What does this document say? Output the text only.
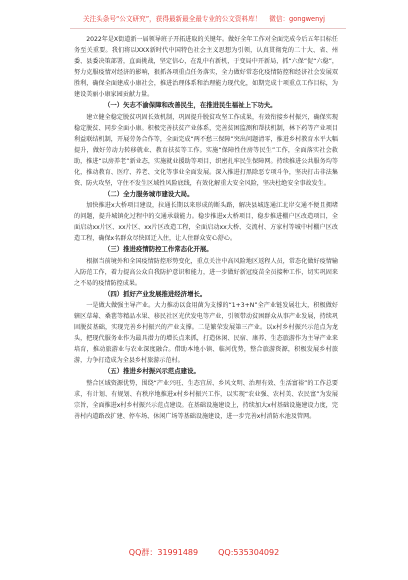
关注头条号“公文研究”，获得最新最全最专业的公文资料库！ 微信：gongwenyj

2022年是X街道新一届领导班子开拓进取的关键年。做好全年工作对全面完成今后五年目标任务至关重要。我们将以XXX新时代中国特色社会主义思想为引领，认真贯彻党的二十大、省、州委、县委决策部署，直面挑战，坚定信心，在乱中有新机，于变局中开新局，抓“六保”促“六稳”，努力克服疫情对经济的影响，狠抓各项重点任务落实，全力做好常态化疫情防控和经济社会发展双胜利，确保全面建成小康社会，推进治理体系和治理能力现代化，如期完成十项重点工作目标，为建设美丽小康家园贡献力量。

（一）矢志不渝保障和改善民生，在推进民生福祉上下功夫。

建立健全稳定脱贫巩固长效机制，巩固提升脱贫攻坚工作成果，有效衔接乡村振兴，确保实现稳定脱贫、同步全面小康。积极完善扶贫产业体系，完善贫困监测和帮扶机制，林下药等产业项目利益联结机制，开展劳务合作等，全面完成“两不愁三保障”突出问题清零，推进乡村教育水平大幅提升，做好劳动力转移就业、教育扶贫等工作。实施“保障性住房等民生”工作，全面落实社会救助，推进“以房养老”新业态，实施就业援助等项目，织密扎牢民生保障网。持续推进公共服务均等化，推动教育、医疗、养老、文化等事业全面发展。深入推进打黑除恶专项斗争，坚决打击非法集资、防火攻坚，守住不发生区域性风险底线，有效化解重大安全风险，坚决杜绝安全事故发生。

（二）全力服务城市建设大局。

加快推进x大桥项目建设，拉通长期以来形成的断头路，解决县城连通江北岸交通不便且拥堵的问题，提升城镇化过程中的交通承载能力。稳步推进x大桥项目，稳步推进棚户区改造项目，全面启动xx片区、xx片区、xx片区改造工程，全面启动xx大桥、交流村、方家村等城中村棚户区改造工程，确保x名群众尽快回迁入住，让人住群众安心舒心。

（三）推进疫情防控工作常态化开展。

根据当前境外和全国疫情防控形势变化，重点关注中高风险地区返程人员，常态化做好疫情输入防范工作，着力提高公众自我防护意识和能力，进一步做好新冠疫苗全员接种工作，切实巩固来之不易的疫情防控成果。

（四）抓好产业发展推进经济增长。

一是做大做强主导产业。大力推动以食用菌为支撑的“1+3+N”全产业链发展壮大，积极做好辖区草莓、桑葚等精品水果、移民社区光伏发电等产业，引领带动贫困群众从事产业发展，持续巩固脱贫基础，实现完善乡村振兴的产业支撑。二是繁荣发展第三产业。以x村乡村振兴示范点为龙头，把现代服务业作为最具潜力的增长点来抓，打造休闲、民宿、康养、生态旅游作为主导产业来培育，推动旅游业与农业深度融合。借助本地小镇、临河优势，整合旅游资源，积极发展乡村旅游，力争打造成为全县乡村旅游示范村。

（五）推进乡村振兴示范点建设。

整合区域资源优势，围绕“产业兴旺、生态宜居、乡风文明、治理有效、生活富裕”的工作总要求，有计划、有规划、有秩序地推进x村乡村振兴工作，以实现“农业强、农村美、农民富”为发展宗旨，全面推进x村乡村振兴示范点建设。在基础设施建设上，持续加大x村基础设施建设力度，完善村内道路改扩建、停车场、休闲广场等基础设施建设，进一步完善x村消防水池及管网。

QQ群：31991489	QQ:535304092
